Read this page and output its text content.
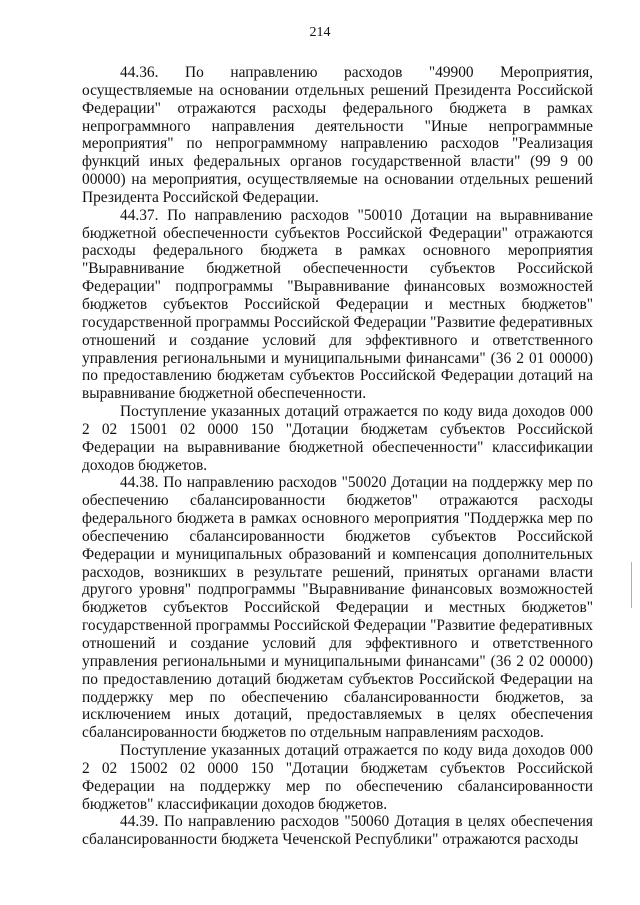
214

44.36. По направлению расходов "49900 Мероприятия, осуществляемые на основании отдельных решений Президента Российской Федерации" отражаются расходы федерального бюджета в рамках непрограммного направления деятельности "Иные непрограммные мероприятия" по непрограммному направлению расходов "Реализация функций иных федеральных органов государственной власти" (99 9 00 00000) на мероприятия, осуществляемые на основании отдельных решений Президента Российской Федерации.

44.37. По направлению расходов "50010 Дотации на выравнивание бюджетной обеспеченности субъектов Российской Федерации" отражаются расходы федерального бюджета в рамках основного мероприятия "Выравнивание бюджетной обеспеченности субъектов Российской Федерации" подпрограммы "Выравнивание финансовых возможностей бюджетов субъектов Российской Федерации и местных бюджетов" государственной программы Российской Федерации "Развитие федеративных отношений и создание условий для эффективного и ответственного управления региональными и муниципальными финансами" (36 2 01 00000) по предоставлению бюджетам субъектов Российской Федерации дотаций на выравнивание бюджетной обеспеченности.

Поступление указанных дотаций отражается по коду вида доходов 000 2 02 15001 02 0000 150 "Дотации бюджетам субъектов Российской Федерации на выравнивание бюджетной обеспеченности" классификации доходов бюджетов.

44.38. По направлению расходов "50020 Дотации на поддержку мер по обеспечению сбалансированности бюджетов" отражаются расходы федерального бюджета в рамках основного мероприятия "Поддержка мер по обеспечению сбалансированности бюджетов субъектов Российской Федерации и муниципальных образований и компенсация дополнительных расходов, возникших в результате решений, принятых органами власти другого уровня" подпрограммы "Выравнивание финансовых возможностей бюджетов субъектов Российской Федерации и местных бюджетов" государственной программы Российской Федерации "Развитие федеративных отношений и создание условий для эффективного и ответственного управления региональными и муниципальными финансами" (36 2 02 00000) по предоставлению дотаций бюджетам субъектов Российской Федерации на поддержку мер по обеспечению сбалансированности бюджетов, за исключением иных дотаций, предоставляемых в целях обеспечения сбалансированности бюджетов по отдельным направлениям расходов.

Поступление указанных дотаций отражается по коду вида доходов 000 2 02 15002 02 0000 150 "Дотации бюджетам субъектов Российской Федерации на поддержку мер по обеспечению сбалансированности бюджетов" классификации доходов бюджетов.

44.39. По направлению расходов "50060 Дотация в целях обеспечения сбалансированности бюджета Чеченской Республики" отражаются расходы
